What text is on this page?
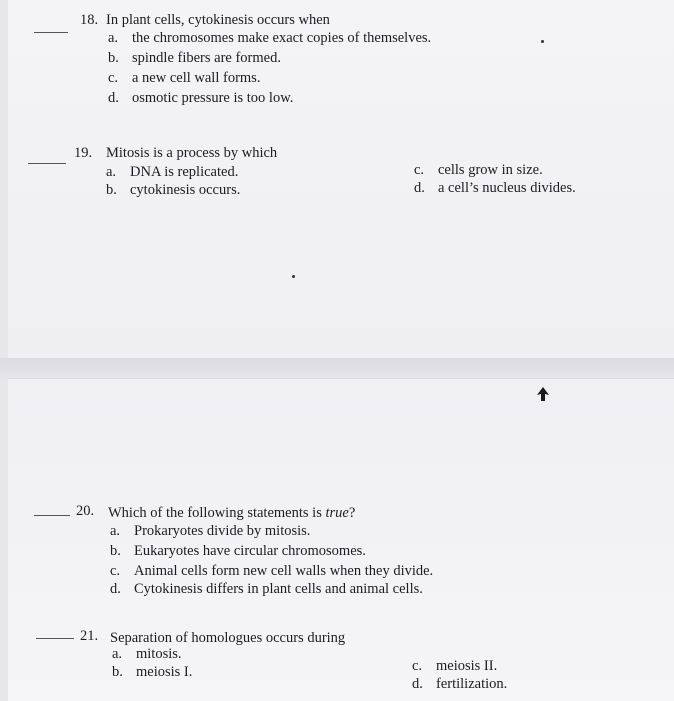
18. In plant cells, cytokinesis occurs when
a. the chromosomes make exact copies of themselves.
b. spindle fibers are formed.
c. a new cell wall forms.
d. osmotic pressure is too low.
19. Mitosis is a process by which
a. DNA is replicated.
b. cytokinesis occurs.
c. cells grow in size.
d. a cell’s nucleus divides.
20. Which of the following statements is true?
a. Prokaryotes divide by mitosis.
b. Eukaryotes have circular chromosomes.
c. Animal cells form new cell walls when they divide.
d. Cytokinesis differs in plant cells and animal cells.
21. Separation of homologues occurs during
a. mitosis.
b. meiosis I.	c. meiosis II.
d. fertilization.
